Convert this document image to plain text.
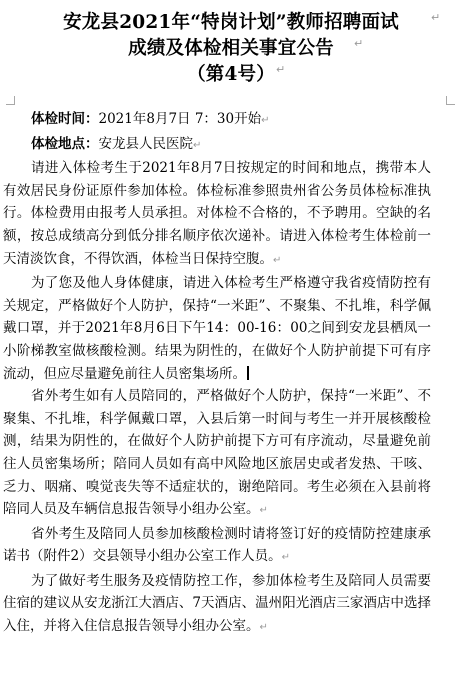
安龙县2021年“特岗计划”教师招聘面试
成绩及体检相关事宜公告
（第4号）
↵
↵
↵

体检时间：2021年8月7日 7：30开始↵

体检地点：安龙县人民医院↵

请进入体检考生于2021年8月7日按规定的时间和地点，携带本人有效居民身份证原件参加体检。体检标准参照贵州省公务员体检标准执行。体检费用由报考人员承担。对体检不合格的，不予聘用。空缺的名额，按总成绩高分到低分排名顺序依次递补。请进入体检考生体检前一天清淡饮食，不得饮酒，体检当日保持空腹。↵

为了您及他人身体健康，请进入体检考生严格遵守我省疫情防控有关规定，严格做好个人防护，保持“一米距”、不聚集、不扎堆，科学佩戴口罩，并于2021年8月6日下午14：00-16：00之间到安龙县栖凤一小阶梯教室做核酸检测。结果为阴性的，在做好个人防护前提下可有序流动，但应尽量避免前往人员密集场所。

省外考生如有人员陪同的，严格做好个人防护，保持“一米距”、不聚集、不扎堆，科学佩戴口罩，入县后第一时间与考生一并开展核酸检测，结果为阴性的，在做好个人防护前提下方可有序流动，尽量避免前往人员密集场所；陪同人员如有高中风险地区旅居史或者发热、干咳、乏力、咽痛、嗅觉丧失等不适症状的，谢绝陪同。考生必须在入县前将陪同人员及车辆信息报告领导小组办公室。↵

省外考生及陪同人员参加核酸检测时请将签订好的疫情防控建康承诺书（附件2）交县领导小组办公室工作人员。↵

为了做好考生服务及疫情防控工作，参加体检考生及陪同人员需要住宿的建议从安龙浙江大酒店、7天酒店、温州阳光酒店三家酒店中选择入住，并将入住信息报告领导小组办公室。↵
